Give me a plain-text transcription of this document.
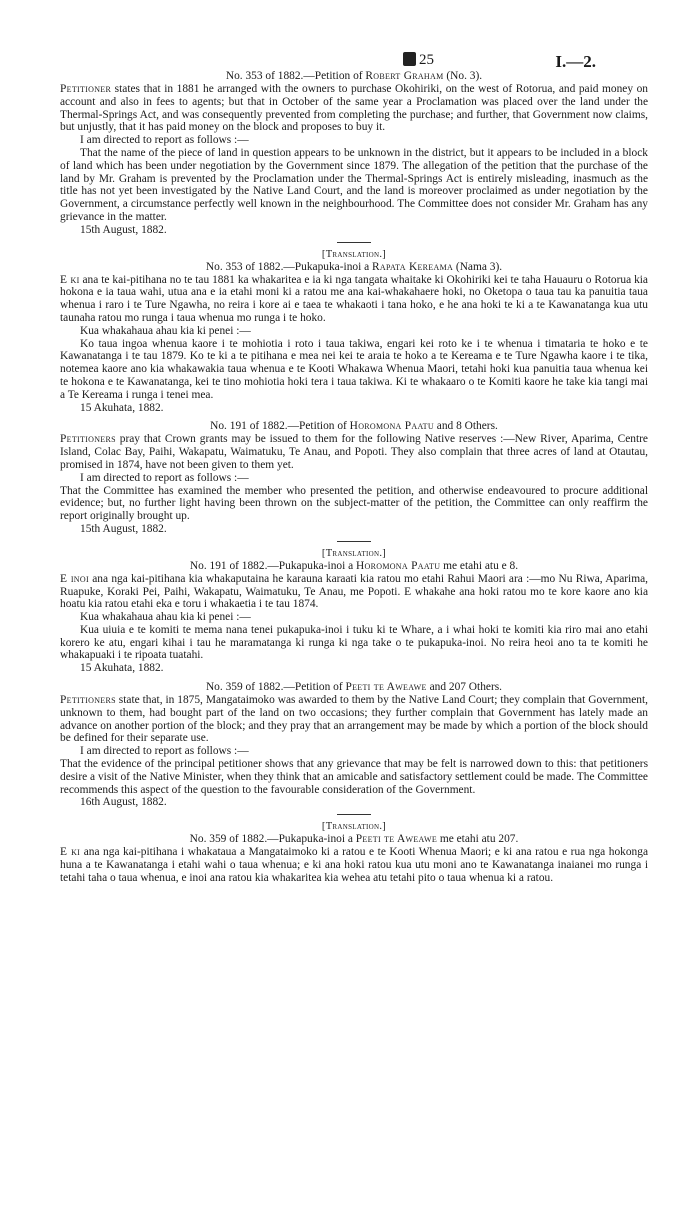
25	I.—2.

No. 353 of 1882.—Petition of Robert Graham (No. 3).

Petitioner states that in 1881 he arranged with the owners to purchase Okohiriki, on the west of Rotorua, and paid money on account and also in fees to agents; but that in October of the same year a Proclamation was placed over the land under the Thermal-Springs Act, and was consequently prevented from completing the purchase; and further, that Government now claims, but unjustly, that it has paid money on the block and proposes to buy it.

I am directed to report as follows :—

That the name of the piece of land in question appears to be unknown in the district, but it appears to be included in a block of land which has been under negotiation by the Government since 1879. The allegation of the petition that the purchase of the land by Mr. Graham is prevented by the Proclamation under the Thermal-Springs Act is entirely misleading, inasmuch as the title has not yet been investigated by the Native Land Court, and the land is moreover proclaimed as under negotiation by the Government, a circumstance perfectly well known in the neighbourhood. The Committee does not consider Mr. Graham has any grievance in the matter.

15th August, 1882.

[Translation.]

No. 353 of 1882.—Pukapuka-inoi a Rapata Kereama (Nama 3).

E ki ana te kai-pitihana no te tau 1881 ka whakaritea e ia ki nga tangata whaitake ki Okohiriki kei te taha Hauauru o Rotorua kia hokona e ia taua wahi, utua ana e ia etahi moni ki a ratou me ana kai-whakahaere hoki, no Oketopa o taua tau ka panuitia taua whenua i raro i te Ture Ngawha, no reira i kore ai e taea te whakaoti i tana hoko, e he ana hoki te ki a te Kawanatanga kua utu taunaha ratou mo runga i taua whenua mo runga i te hoko.

Kua whakahaua ahau kia ki penei :—

Ko taua ingoa whenua kaore i te mohiotia i roto i taua takiwa, engari kei roto ke i te whenua i timataria te hoko e te Kawanatanga i te tau 1879. Ko te ki a te pitihana e mea nei kei te araia te hoko a te Kereama e te Ture Ngawha kaore i te tika, notemea kaore ano kia whakawakia taua whenua e te Kooti Whakawa Whenua Maori, tetahi hoki kua panuitia taua whenua kei te hokona e te Kawanatanga, kei te tino mohiotia hoki tera i taua takiwa. Ki te whakaaro o te Komiti kaore he take kia tangi mai a Te Kereama i runga i tenei mea.

15 Akuhata, 1882.

No. 191 of 1882.—Petition of Horomona Paatu and 8 Others.

Petitioners pray that Crown grants may be issued to them for the following Native reserves :—New River, Aparima, Centre Island, Colac Bay, Paihi, Wakapatu, Waimatuku, Te Anau, and Popoti. They also complain that three acres of land at Otautau, promised in 1874, have not been given to them yet.

I am directed to report as follows :—

That the Committee has examined the member who presented the petition, and otherwise endeavoured to procure additional evidence; but, no further light having been thrown on the subject-matter of the petition, the Committee can only reaffirm the report originally brought up.

15th August, 1882.

[Translation.]

No. 191 of 1882.—Pukapuka-inoi a Horomona Paatu me etahi atu e 8.

E inoi ana nga kai-pitihana kia whakaputaina he karauna karaati kia ratou mo etahi Rahui Maori ara :—mo Nu Riwa, Aparima, Ruapuke, Koraki Pei, Paihi, Wakapatu, Waimatuku, Te Anau, me Popoti. E whakahe ana hoki ratou mo te kore kaore ano kia hoatu kia ratou etahi eka e toru i whakaetia i te tau 1874.

Kua whakahaua ahau kia ki penei :—

Kua uiuia e te komiti te mema nana tenei pukapuka-inoi i tuku ki te Whare, a i whai hoki te komiti kia riro mai ano etahi korero ke atu, engari kihai i tau he maramatanga ki runga ki nga take o te pukapuka-inoi. No reira heoi ano ta te komiti he whakapuaki i te ripoata tuatahi.

15 Akuhata, 1882.

No. 359 of 1882.—Petition of Peeti te Aweawe and 207 Others.

Petitioners state that, in 1875, Mangataimoko was awarded to them by the Native Land Court; they complain that Government, unknown to them, had bought part of the land on two occasions; they further complain that Government has lately made an advance on another portion of the block; and they pray that an arrangement may be made by which a portion of the block should be defined for their separate use.

I am directed to report as follows :—

That the evidence of the principal petitioner shows that any grievance that may be felt is narrowed down to this: that petitioners desire a visit of the Native Minister, when they think that an amicable and satisfactory settlement could be made. The Committee recommends this aspect of the question to the favourable consideration of the Government.

16th August, 1882.

[Translation.]

No. 359 of 1882.—Pukapuka-inoi a Peeti te Aweawe me etahi atu 207.

E ki ana nga kai-pitihana i whakataua a Mangataimoko ki a ratou e te Kooti Whenua Maori; e ki ana ratou e rua nga hokonga huna a te Kawanatanga i etahi wahi o taua whenua; e ki ana hoki ratou kua utu moni ano te Kawanatanga inaianei mo runga i tetahi taha o taua whenua, e inoi ana ratou kia whakaritea kia wehea atu tetahi pito o taua whenua ki a ratou.
